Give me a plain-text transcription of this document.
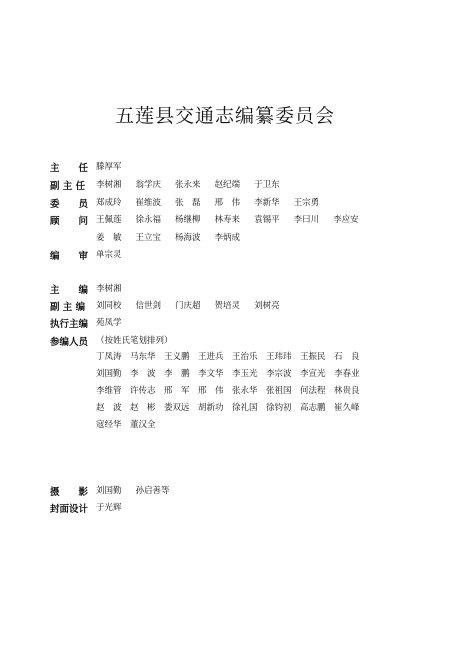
五莲县交通志编纂委员会
主　　任 滕厚军
副 主 任 李树湘 翁学庆 张永来 赵纪端 于卫东
委　　员 郑成玲 崔维波 张　磊 邢　伟 李新华 王宗勇
顾　　问 王佩莲 徐永福 杨继柳 林寿来 袁锡平 李曰川 李应安
姜　敏 王立宝 杨海波 李炳成
编　　审 单宗灵
主　　编 李树湘
副 主 编 刘同校 信世剑 门庆超 贺培灵 刘树亮
执行主编 苑凤学
参编人员 （按姓氏笔划排列）
丁凤涛 马东华 王义鹏 王进兵 王治乐 王玮玮 王振民 石　良
刘国勤 李　波 李　鹏 李文华 李玉光 李宗波 李宣光 李春业
李维管 许传志 邢　军 邢　伟 张永华 张祖国 何法程 林贵良
赵　波 赵　彬 娄双远 胡新功 徐礼国 徐钧初 高志鹏 崔久峰
寇经华 董汉全
摄　　影 刘国勤 孙启善等
封面设计 于光辉
